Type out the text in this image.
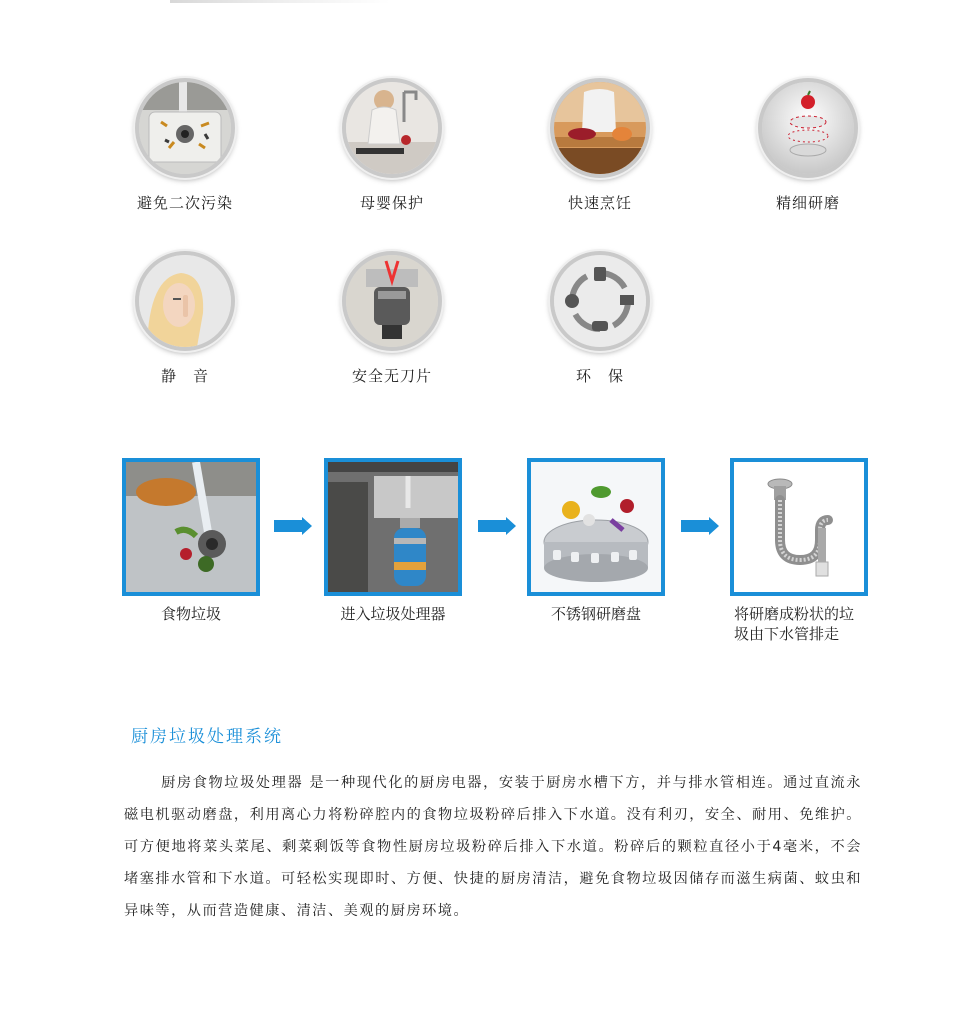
避免二次污染	母婴保护	快速烹饪	精细研磨
静　音	安全无刀片	环　保
食物垃圾	进入垃圾处理器	不锈钢研磨盘	将研磨成粉状的垃
圾由下水管排走
厨房垃圾处理系统
厨房食物垃圾处理器 是一种现代化的厨房电器，安装于厨房水槽下方，并与排水管相连。通过直流永磁电机驱动磨盘，利用离心力将粉碎腔内的食物垃圾粉碎后排入下水道。没有利刃，安全、耐用、免维护。可方便地将菜头菜尾、剩菜剩饭等食物性厨房垃圾粉碎后排入下水道。粉碎后的颗粒直径小于4毫米，不会堵塞排水管和下水道。可轻松实现即时、方便、快捷的厨房清洁，避免食物垃圾因储存而滋生病菌、蚊虫和异味等，从而营造健康、清洁、美观的厨房环境。
